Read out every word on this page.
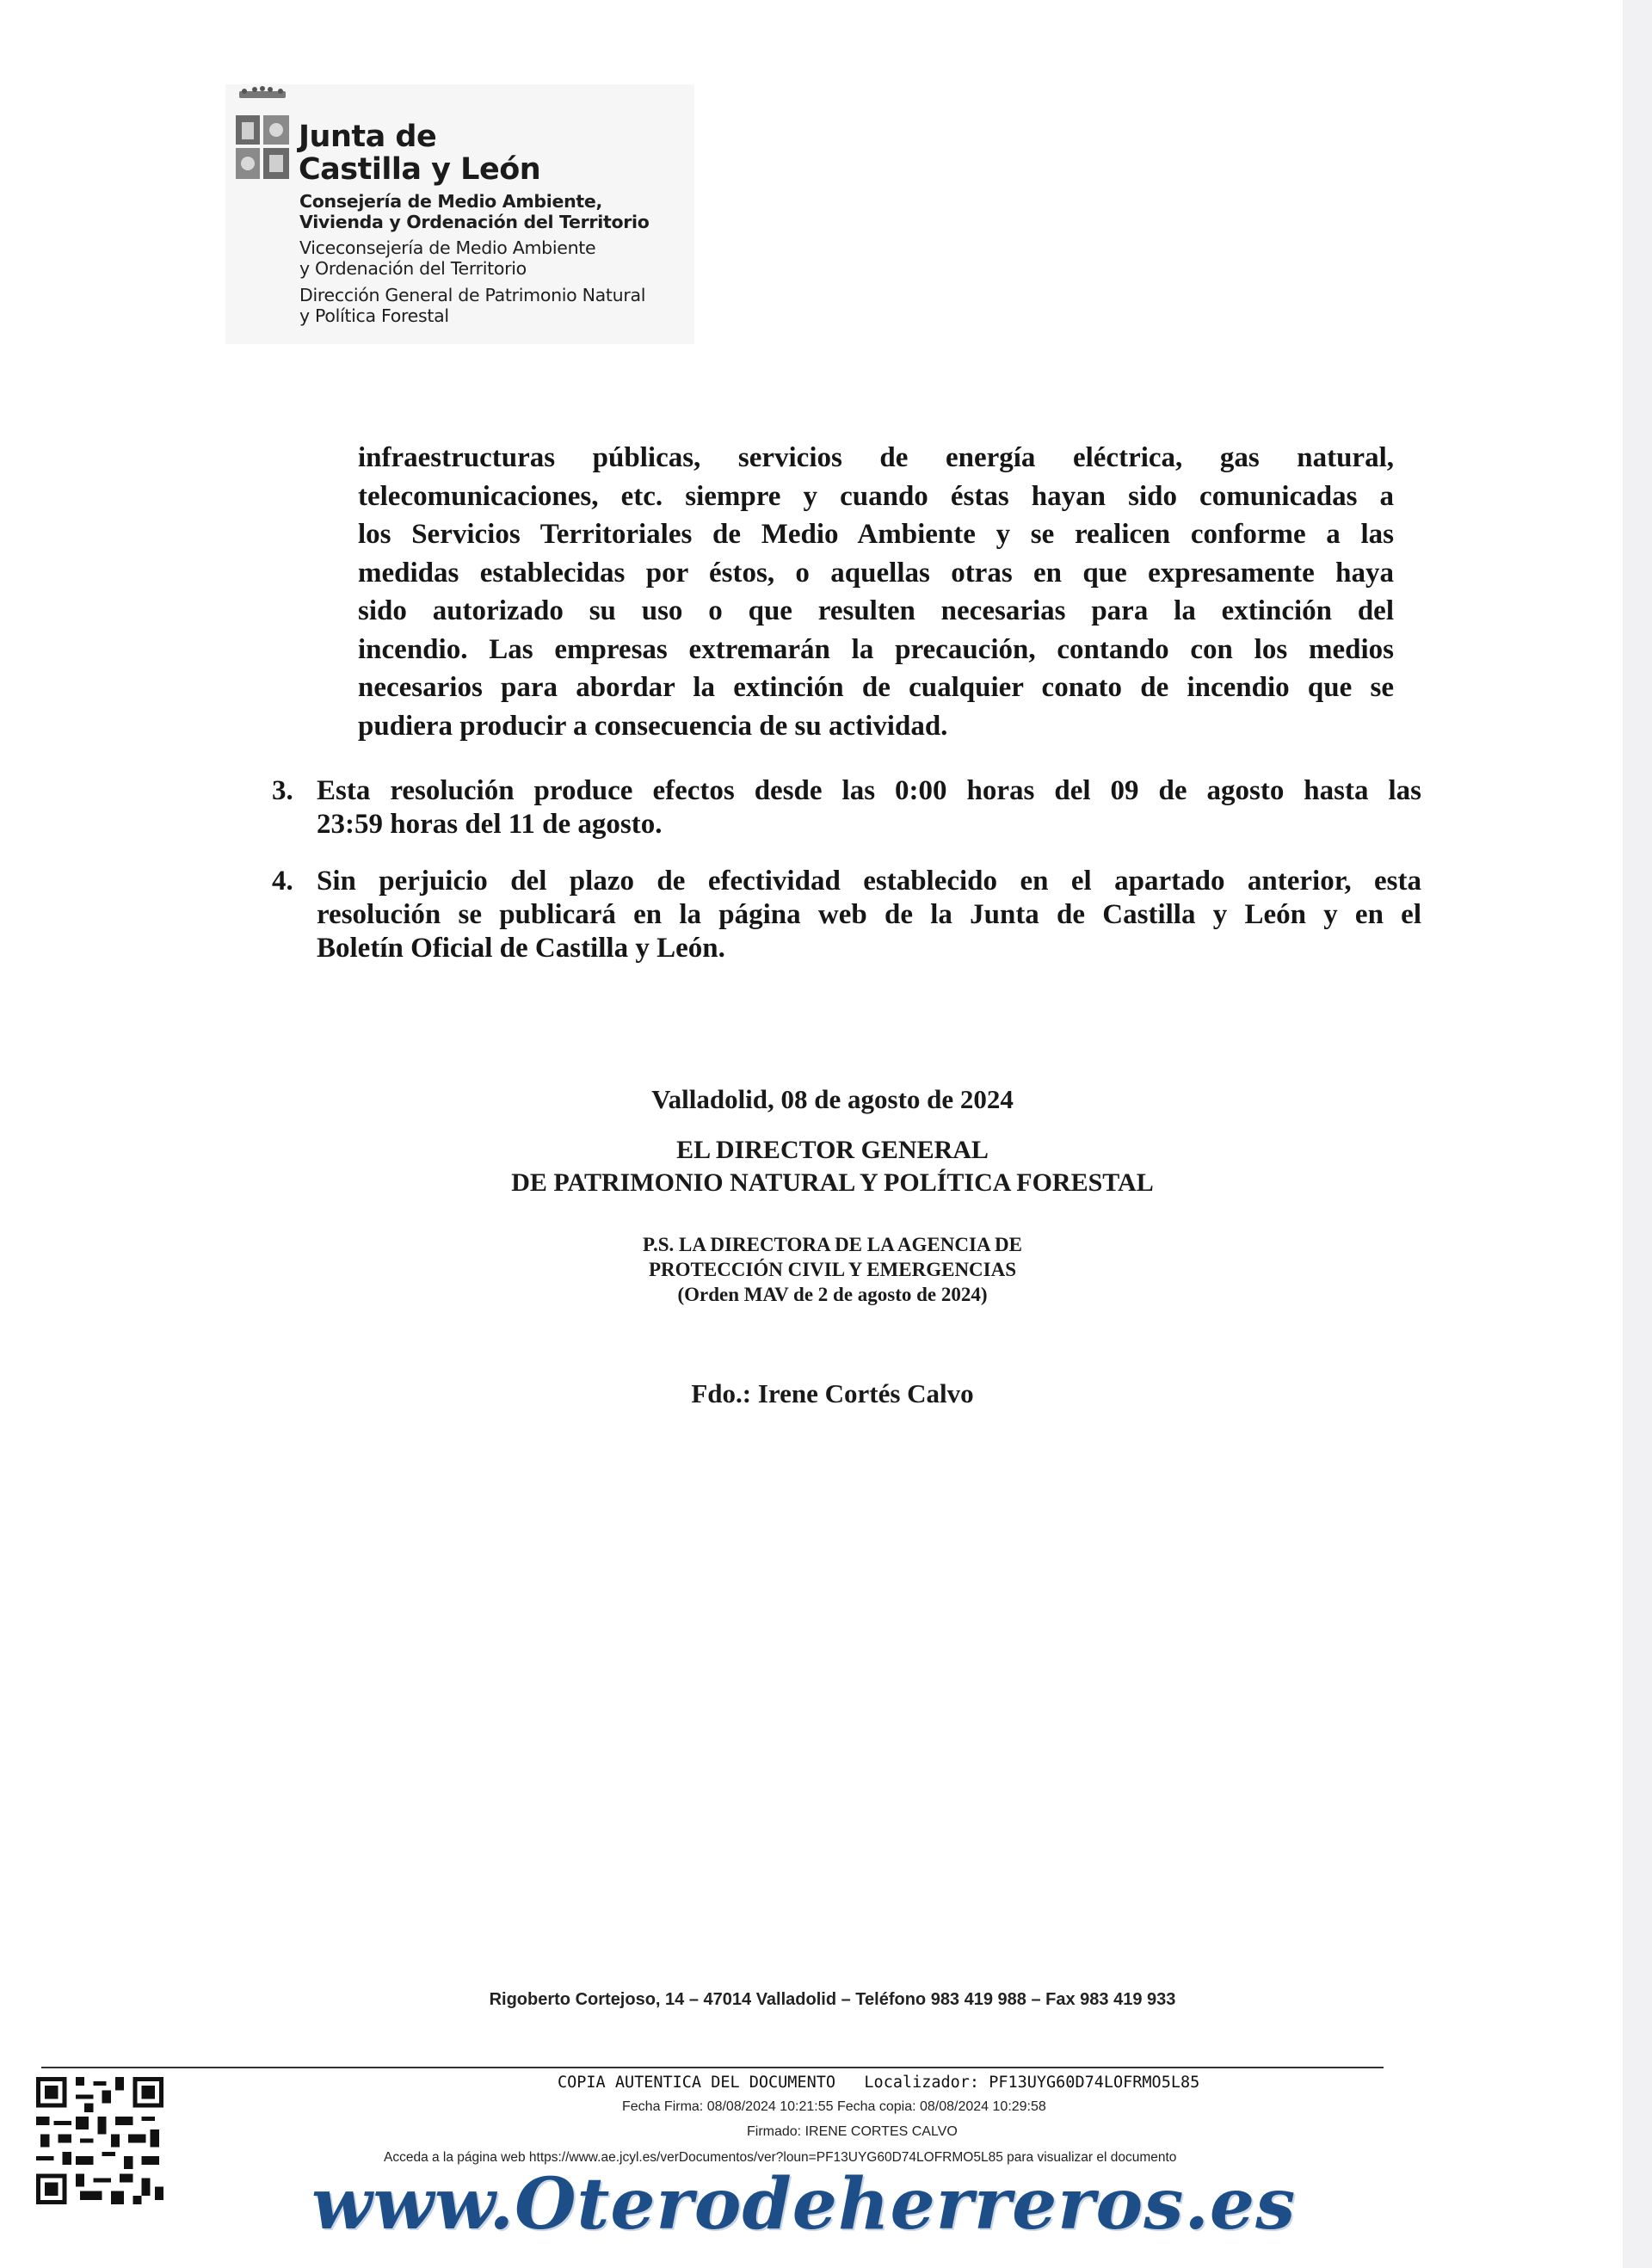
Junta de
Castilla y León
Consejería de Medio Ambiente,
Vivienda y Ordenación del Territorio
Viceconsejería de Medio Ambiente
y Ordenación del Territorio
Dirección General de Patrimonio Natural
y Política Forestal
infraestructuras públicas, servicios de energía eléctrica, gas natural,
telecomunicaciones, etc. siempre y cuando éstas hayan sido comunicadas a
los Servicios Territoriales de Medio Ambiente y se realicen conforme a las
medidas establecidas por éstos, o aquellas otras en que expresamente haya
sido autorizado su uso o que resulten necesarias para la extinción del
incendio. Las empresas extremarán la precaución, contando con los medios
necesarios para abordar la extinción de cualquier conato de incendio que se
pudiera producir a consecuencia de su actividad.
3. Esta resolución produce efectos desde las 0:00 horas del 09 de agosto hasta las
23:59 horas del 11 de agosto.
4. Sin perjuicio del plazo de efectividad establecido en el apartado anterior, esta
resolución se publicará en la página web de la Junta de Castilla y León y en el
Boletín Oficial de Castilla y León.
Valladolid, 08 de agosto de 2024
EL DIRECTOR GENERAL
DE PATRIMONIO NATURAL Y POLÍTICA FORESTAL
P.S. LA DIRECTORA DE LA AGENCIA DE
PROTECCIÓN CIVIL Y EMERGENCIAS
(Orden MAV de 2 de agosto de 2024)
Fdo.: Irene Cortés Calvo
Rigoberto Cortejoso, 14 – 47014 Valladolid – Teléfono 983 419 988 – Fax 983 419 933
COPIA AUTENTICA DEL DOCUMENTO   Localizador: PF13UYG60D74LOFRMO5L85
Fecha Firma: 08/08/2024 10:21:55 Fecha copia: 08/08/2024 10:29:58
Firmado: IRENE CORTES CALVO
Acceda a la página web https://www.ae.jcyl.es/verDocumentos/ver?loun=PF13UYG60D74LOFRMO5L85 para visualizar el documento
www.Oterodeherreros.es
